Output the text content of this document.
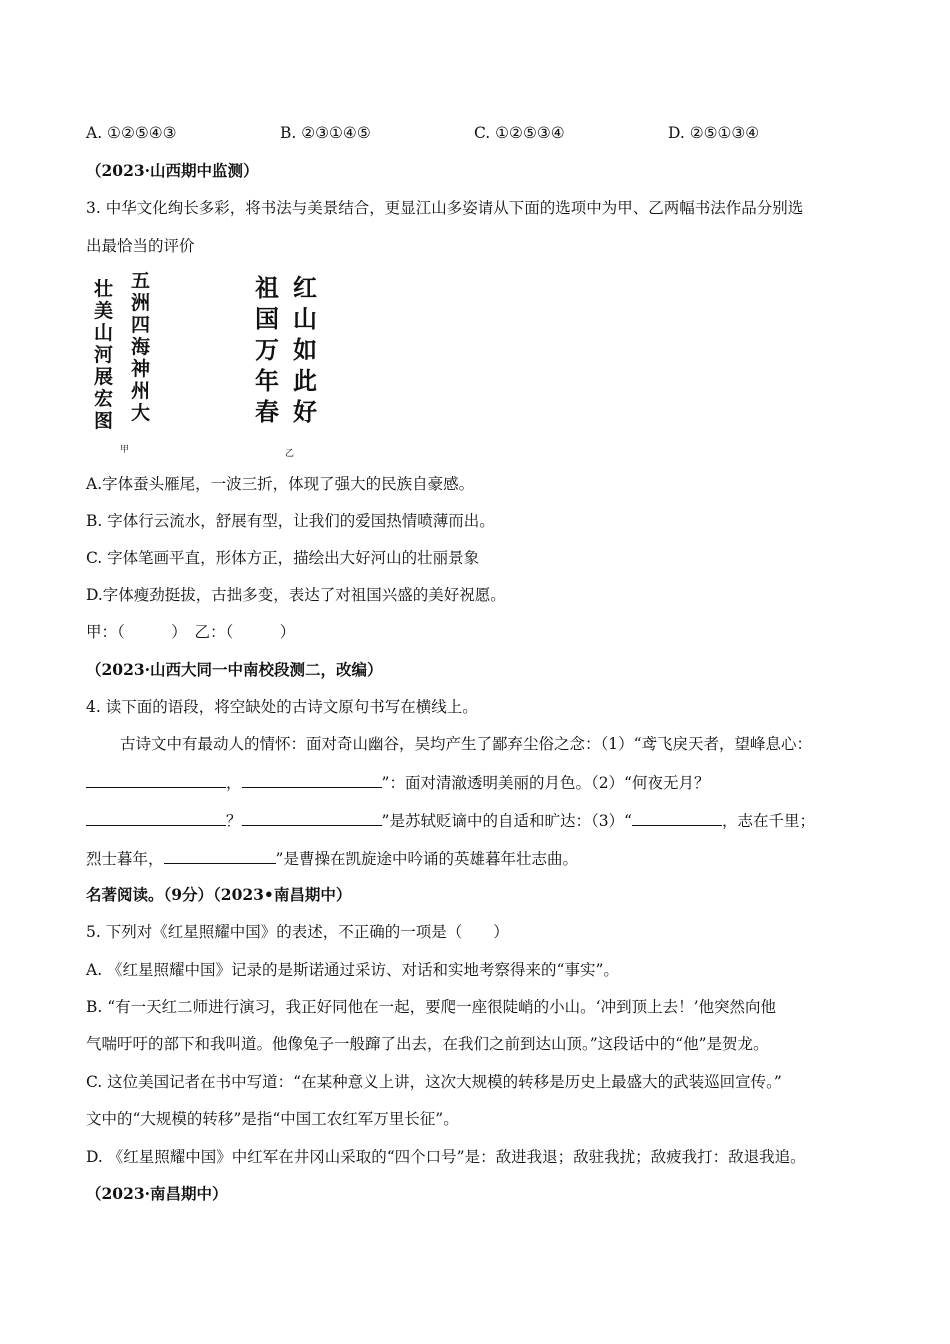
A. ①②⑤④③	B. ②③①④⑤	C. ①②⑤③④	D. ②⑤①③④
（2023·山西期中监测）
3. 中华文化绚长多彩，将书法与美景结合，更显江山多姿请从下面的选项中为甲、乙两幅书法作品分别选
出最恰当的评价
五
洲
四
海
神
州
大
壮
美
山
河
展
宏
图
甲
红
山
如
此
好
祖
国
万
年
春
乙
A.字体蚕头雁尾，一波三折，体现了强大的民族自豪感。
B. 字体行云流水，舒展有型，让我们的爱国热情喷薄而出。
C. 字体笔画平直，形体方正，描绘出大好河山的壮丽景象
D.字体瘦劲挺拔，古拙多变，表达了对祖国兴盛的美好祝愿。
甲：（　　　）　乙：（　　　）
（2023·山西大同一中南校段测二，改编）
4. 读下面的语段，将空缺处的古诗文原句书写在横线上。
古诗文中有最动人的情怀：面对奇山幽谷，吴均产生了鄙弃尘俗之念：（1）“鸢飞戾天者，望峰息心：
，	”：面对清澈透明美丽的月色。（2）“何夜无月？
？	”是苏轼贬谪中的自适和旷达：（3）“	，志在千里；
烈士暮年，	”是曹操在凯旋途中吟诵的英雄暮年壮志曲。
名著阅读。（9分）（2023•南昌期中）
5. 下列对《红星照耀中国》的表述，不正确的一项是（　　）
A. 《红星照耀中国》记录的是斯诺通过采访、对话和实地考察得来的“事实”。
B. “有一天红二师进行演习，我正好同他在一起，要爬一座很陡峭的小山。‘冲到顶上去！’他突然向他
气喘吁吁的部下和我叫道。他像兔子一般蹿了出去，在我们之前到达山顶。”这段话中的“他”是贺龙。
C. 这位美国记者在书中写道：“在某种意义上讲，这次大规模的转移是历史上最盛大的武装巡回宣传。”
文中的“大规模的转移”是指“中国工农红军万里长征”。
D. 《红星照耀中国》中红军在井冈山采取的“四个口号”是：敌进我退；敌驻我扰；敌疲我打：敌退我追。
（2023·南昌期中）
